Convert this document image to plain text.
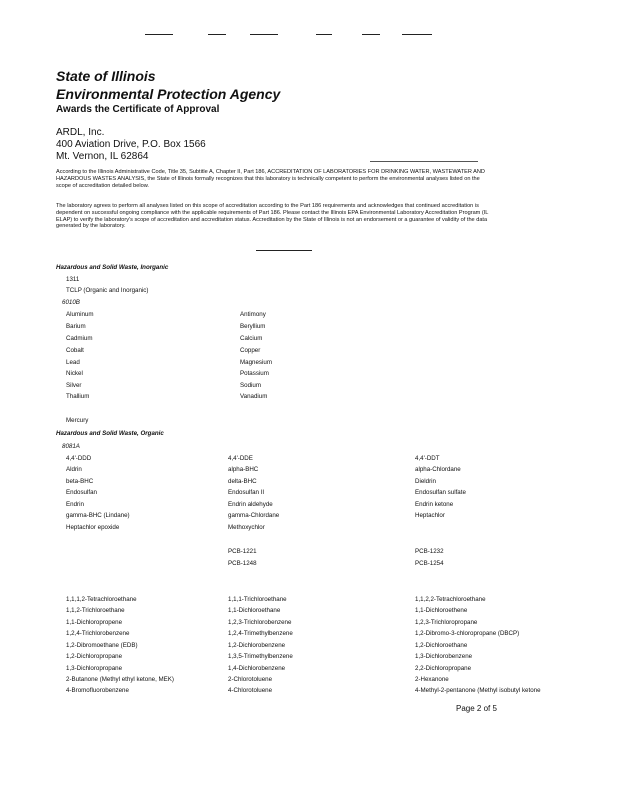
State of Illinois
Environmental Protection Agency
Awards the Certificate of Approval
ARDL, Inc.
400 Aviation Drive, P.O. Box 1566
Mt. Vernon, IL 62864
According to the Illinois Administrative Code, Title 35, Subtitle A, Chapter II, Part 186, ACCREDITATION OF LABORATORIES FOR DRINKING WATER, WASTEWATER AND HAZARDOUS WASTES ANALYSIS, the State of Illinois formally recognizes that this laboratory is technically competent to perform the environmental analyses listed on the scope of accreditation detailed below.
The laboratory agrees to perform all analyses listed on this scope of accreditation according to the Part 186 requirements and acknowledges that continued accreditation is dependent on successful ongoing compliance with the applicable requirements of Part 186. Please contact the Illinois EPA Environmental Laboratory Accreditation Program (IL ELAP) to verify the laboratory's scope of accreditation and accreditation status. Accreditation by the State of Illinois is not an endorsement or a guarantee of validity of the data generated by the laboratory.
Hazardous and Solid Waste, Inorganic
1311
TCLP (Organic and Inorganic)
6010B
Aluminum
Barium
Cadmium
Cobalt
Lead
Nickel
Silver
Thallium
Antimony
Beryllium
Calcium
Copper
Magnesium
Potassium
Sodium
Vanadium
Mercury
Hazardous and Solid Waste, Organic
8081A
4,4'-DDD
Aldrin
beta-BHC
Endosulfan
Endrin
gamma-BHC (Lindane)
Heptachlor epoxide
4,4'-DDE
alpha-BHC
delta-BHC
Endosulfan II
Endrin aldehyde
gamma-Chlordane
Methoxychlor
4,4'-DDT
alpha-Chlordane
Dieldrin
Endosulfan sulfate
Endrin ketone
Heptachlor
PCB-1221
PCB-1248
PCB-1232
PCB-1254
1,1,1,2-Tetrachloroethane
1,1,2-Trichloroethane
1,1-Dichloropropene
1,2,4-Trichlorobenzene
1,2-Dibromoethane (EDB)
1,2-Dichloropropane
1,3-Dichloropropane
2-Butanone (Methyl ethyl ketone, MEK)
4-Bromofluorobenzene
1,1,1-Trichloroethane
1,1-Dichloroethane
1,2,3-Trichlorobenzene
1,2,4-Trimethylbenzene
1,2-Dichlorobenzene
1,3,5-Trimethylbenzene
1,4-Dichlorobenzene
2-Chlorotoluene
4-Chlorotoluene
1,1,2,2-Tetrachloroethane
1,1-Dichloroethene
1,2,3-Trichloropropane
1,2-Dibromo-3-chloropropane (DBCP)
1,2-Dichloroethane
1,3-Dichlorobenzene
2,2-Dichloropropane
2-Hexanone
4-Methyl-2-pentanone (Methyl isobutyl ketone
Page 2 of 5
